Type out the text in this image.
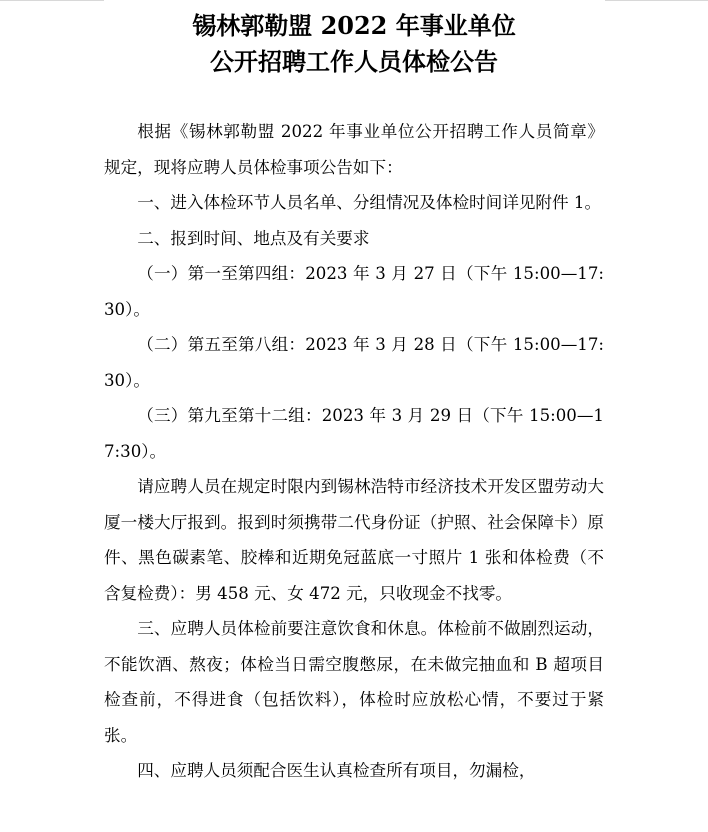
锡林郭勒盟 2022 年事业单位
公开招聘工作人员体检公告

根据《锡林郭勒盟 2022 年事业单位公开招聘工作人员简章》规定，现将应聘人员体检事项公告如下：

一、进入体检环节人员名单、分组情况及体检时间详见附件 1。

二、报到时间、地点及有关要求

（一）第一至第四组：2023 年 3 月 27 日（下午 15:00—17:30）。

（二）第五至第八组：2023 年 3 月 28 日（下午 15:00—17:30）。

（三）第九至第十二组：2023 年 3 月 29 日（下午 15:00—17:30）。

请应聘人员在规定时限内到锡林浩特市经济技术开发区盟劳动大厦一楼大厅报到。报到时须携带二代身份证（护照、社会保障卡）原件、黑色碳素笔、胶棒和近期免冠蓝底一寸照片 1 张和体检费（不含复检费）：男 458 元、女 472 元，只收现金不找零。

三、应聘人员体检前要注意饮食和休息。体检前不做剧烈运动，不能饮酒、熬夜；体检当日需空腹憋尿，在未做完抽血和 B 超项目检查前，不得进食（包括饮料），体检时应放松心情，不要过于紧张。

四、应聘人员须配合医生认真检查所有项目，勿漏检，
